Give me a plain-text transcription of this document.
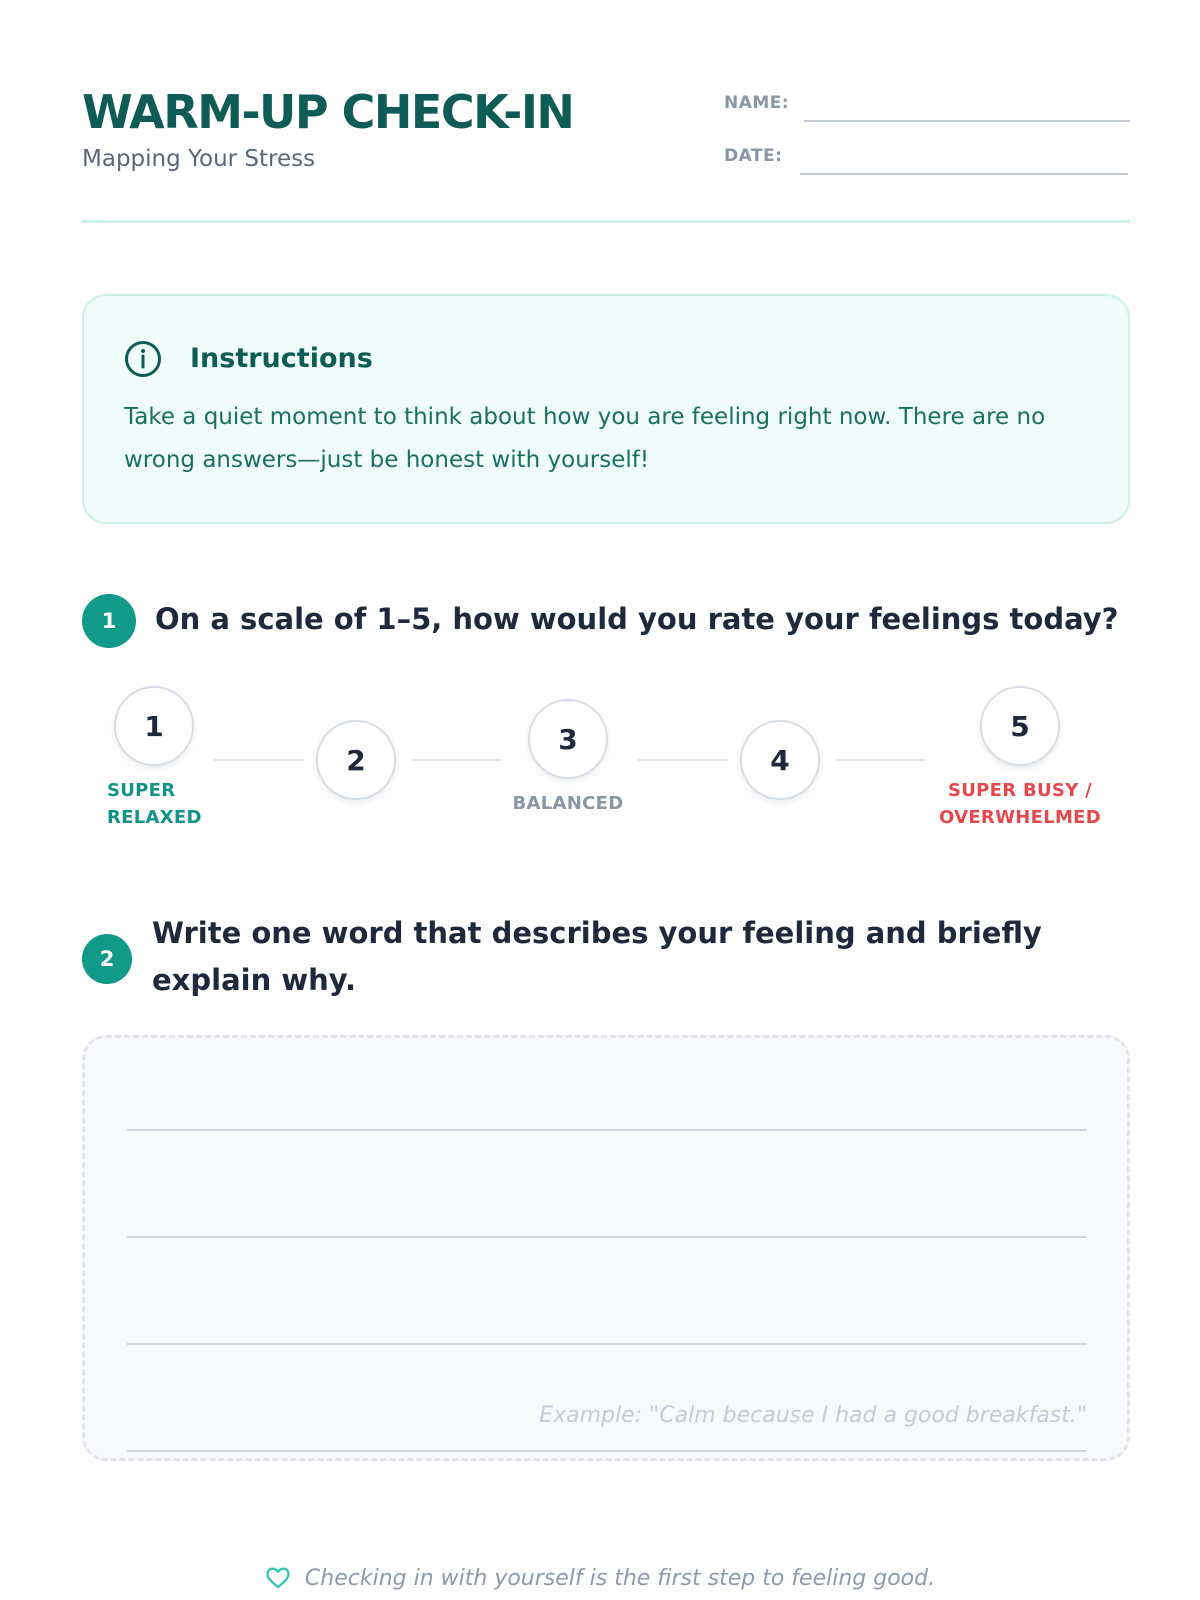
WARM-UP CHECK-IN
Mapping Your Stress
NAME:
DATE:
Instructions
Take a quiet moment to think about how you are feeling right now. There are no wrong answers—just be honest with yourself!
1	On a scale of 1–5, how would you rate your feelings today?
1
2
3
4
5
SUPER
RELAXED
BALANCED
SUPER BUSY /
OVERWHELMED
2
Write one word that describes your feeling and briefly explain why.
Example: "Calm because I had a good breakfast."
Checking in with yourself is the first step to feeling good.
